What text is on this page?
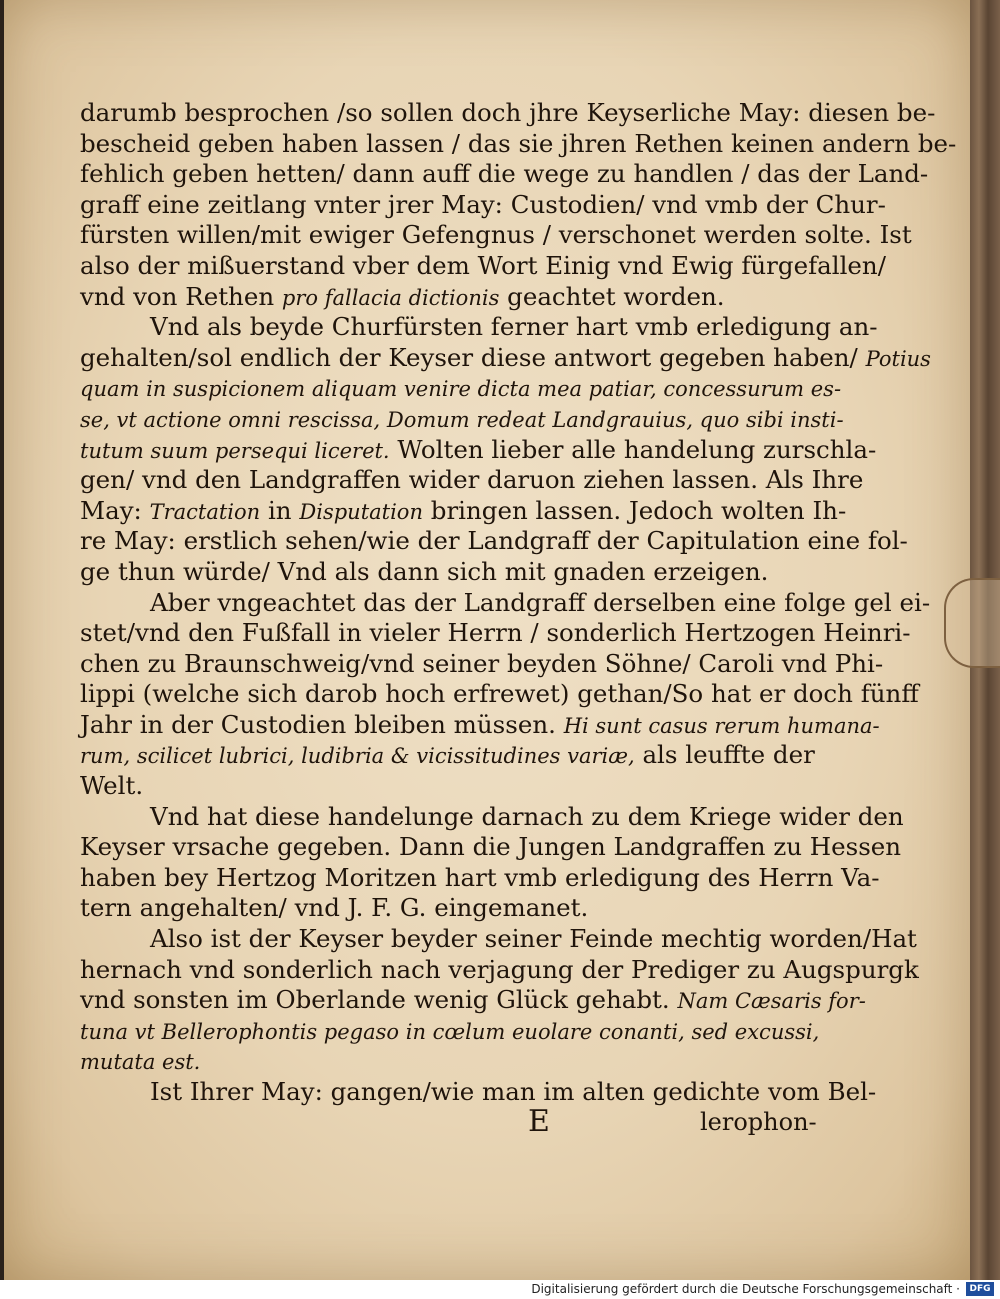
darumb besprochen /so sollen doch jhre Keyserliche May: diesen be-
bescheid geben haben lassen / das sie jhren Rethen keinen andern be-
fehlich geben hetten/ dann auff die wege zu handlen / das der Land-
graff eine zeitlang vnter jrer May: Custodien/ vnd vmb der Chur-
fürsten willen/mit ewiger Gefengnus / verschonet werden solte. Ist
also der mißuerstand vber dem Wort Einig vnd Ewig fürgefallen/
vnd von Rethen pro fallacia dictionis geachtet worden.
Vnd als beyde Churfürsten ferner hart vmb erledigung an-
gehalten/sol endlich der Keyser diese antwort gegeben haben/ Potius
quam in suspicionem aliquam venire dicta mea patiar, concessurum es-
se, vt actione omni rescissa, Domum redeat Landgrauius, quo sibi insti-
tutum suum persequi liceret. Wolten lieber alle handelung zurschla-
gen/ vnd den Landgraffen wider daruon ziehen lassen. Als Ihre
May: Tractation in Disputation bringen lassen. Jedoch wolten Ih-
re May: erstlich sehen/wie der Landgraff der Capitulation eine fol-
ge thun würde/ Vnd als dann sich mit gnaden erzeigen.
Aber vngeachtet das der Landgraff derselben eine folge gel ei-
stet/vnd den Fußfall in vieler Herrn / sonderlich Hertzogen Heinri-
chen zu Braunschweig/vnd seiner beyden Söhne/ Caroli vnd Phi-
lippi (welche sich darob hoch erfrewet) gethan/So hat er doch fünff
Jahr in der Custodien bleiben müssen. Hi sunt casus rerum humana-
rum, scilicet lubrici, ludibria & vicissitudines variæ, als leuffte der
Welt.
Vnd hat diese handelunge darnach zu dem Kriege wider den
Keyser vrsache gegeben. Dann die Jungen Landgraffen zu Hessen
haben bey Hertzog Moritzen hart vmb erledigung des Herrn Va-
tern angehalten/ vnd J. F. G. eingemanet.
Also ist der Keyser beyder seiner Feinde mechtig worden/Hat
hernach vnd sonderlich nach verjagung der Prediger zu Augspurgk
vnd sonsten im Oberlande wenig Glück gehabt. Nam Cæsaris for-
tuna vt Bellerophontis pegaso in cœlum euolare conanti, sed excussi,
mutata est.
Ist Ihrer May: gangen/wie man im alten gedichte vom Bel-
E	lerophon-
Digitalisierung gefördert durch die Deutsche Forschungsgemeinschaft ·	DFG
